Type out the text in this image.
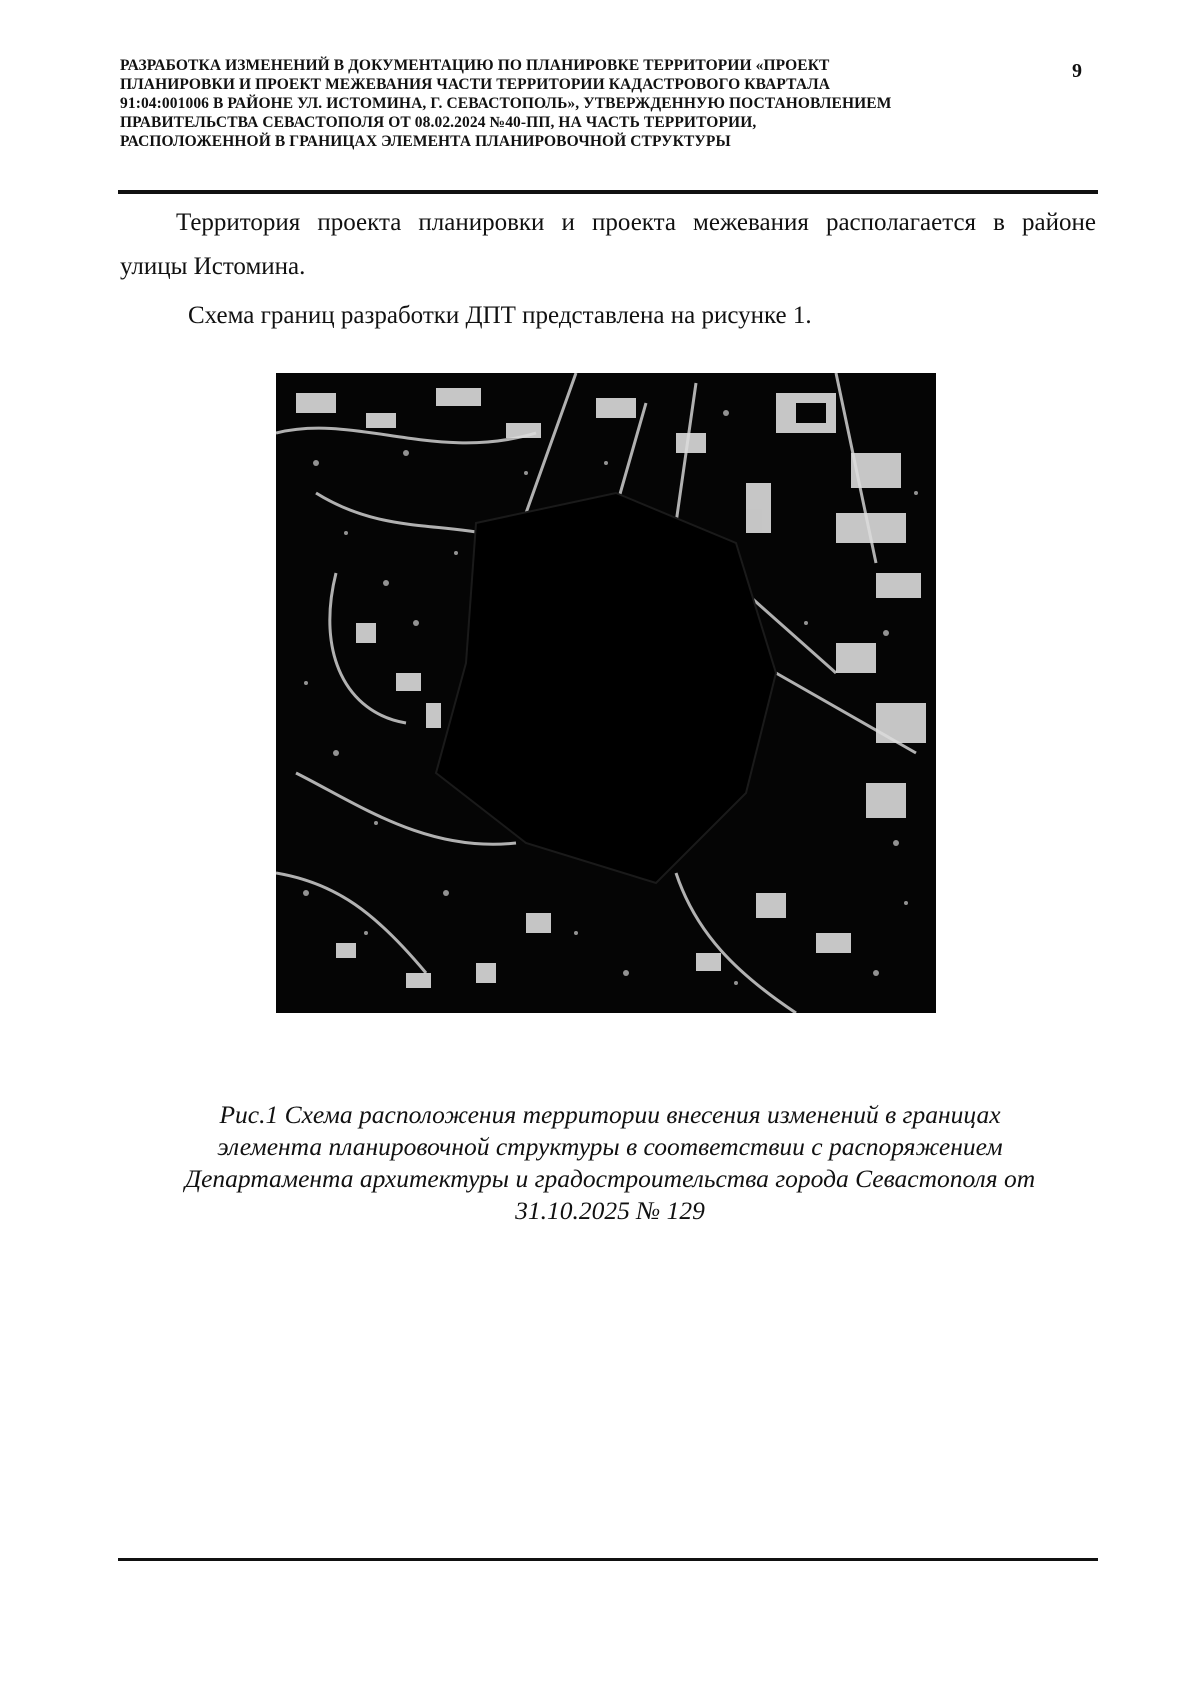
РАЗРАБОТКА ИЗМЕНЕНИЙ В ДОКУМЕНТАЦИЮ ПО ПЛАНИРОВКЕ ТЕРРИТОРИИ «ПРОЕКТ
ПЛАНИРОВКИ И ПРОЕКТ МЕЖЕВАНИЯ ЧАСТИ ТЕРРИТОРИИ КАДАСТРОВОГО КВАРТАЛА
91:04:001006 В РАЙОНЕ УЛ. ИСТОМИНА, Г. СЕВАСТОПОЛЬ», УТВЕРЖДЕННУЮ ПОСТАНОВЛЕНИЕМ
ПРАВИТЕЛЬСТВА СЕВАСТОПОЛЯ ОТ 08.02.2024 №40-ПП, НА ЧАСТЬ ТЕРРИТОРИИ,
РАСПОЛОЖЕННОЙ В ГРАНИЦАХ ЭЛЕМЕНТА ПЛАНИРОВОЧНОЙ СТРУКТУРЫ
9
Территория проекта планировки и проекта межевания располагается в районе
улицы Истомина.
Схема границ разработки ДПТ представлена на рисунке 1.
Рис.1 Схема расположения территории внесения изменений в границах
элемента планировочной структуры в соответствии с распоряжением
Департамента архитектуры и градостроительства города Севастополя от
31.10.2025 № 129
